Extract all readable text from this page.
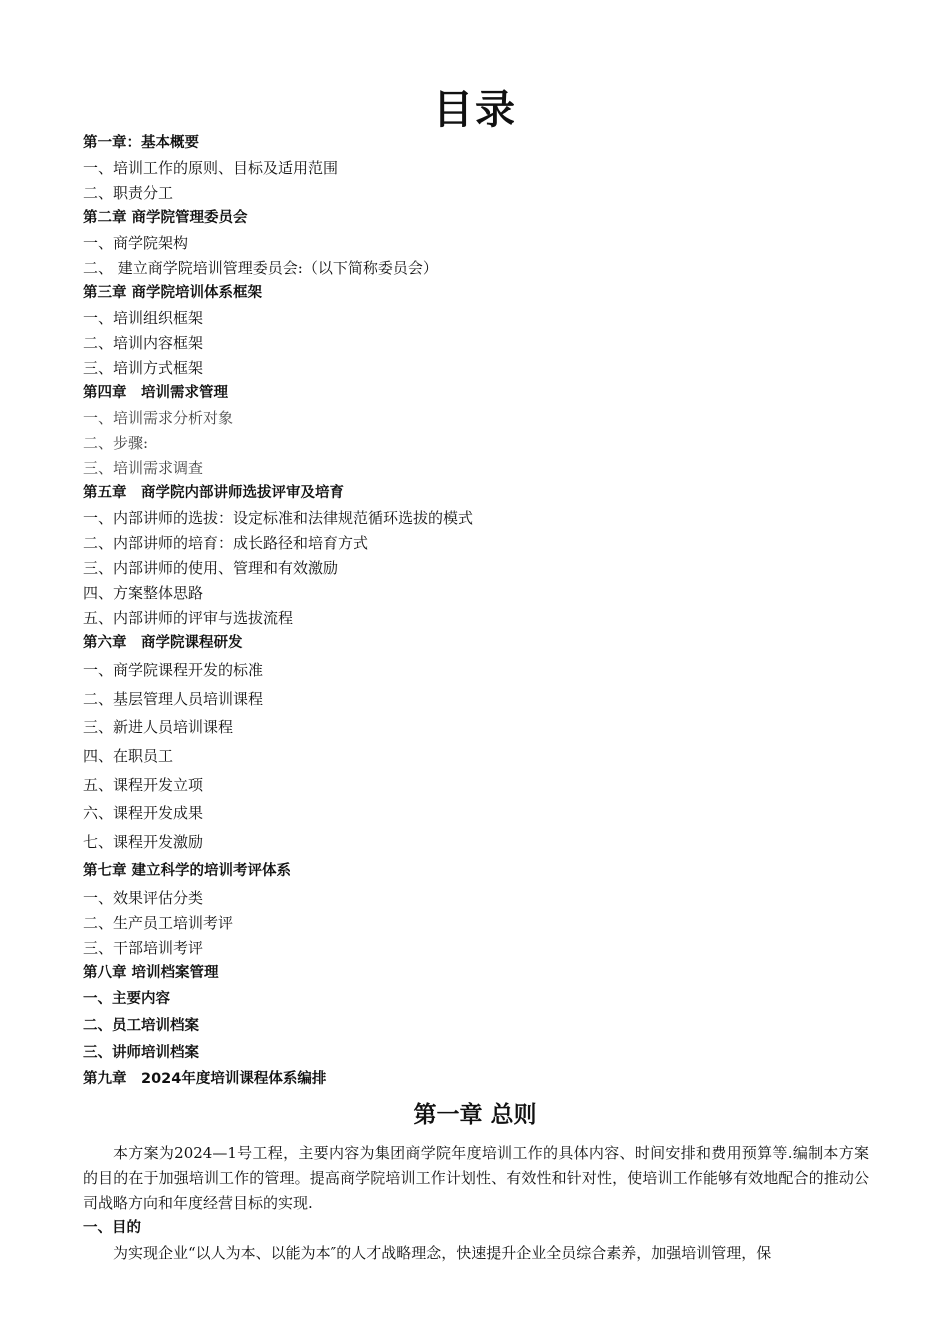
目录
第一章：基本概要
一、培训工作的原则、目标及适用范围
二、职责分工
第二章 商学院管理委员会
一、商学院架构
二、 建立商学院培训管理委员会:（以下简称委员会）
第三章 商学院培训体系框架
一、培训组织框架
二、培训内容框架
三、培训方式框架
第四章　培训需求管理
一、培训需求分析对象
二、步骤:
三、培训需求调查
第五章　商学院内部讲师选拔评审及培育
一、内部讲师的选拔：设定标准和法律规范循环选拔的模式
二、内部讲师的培育：成长路径和培育方式
三、内部讲师的使用、管理和有效激励
四、方案整体思路
五、内部讲师的评审与选拔流程
第六章　商学院课程研发
一、商学院课程开发的标准
二、基层管理人员培训课程
三、新进人员培训课程
四、在职员工
五、课程开发立项
六、课程开发成果
七、课程开发激励
第七章 建立科学的培训考评体系
一、效果评估分类
二、生产员工培训考评
三、干部培训考评
第八章 培训档案管理
一、主要内容
二、员工培训档案
三、讲师培训档案
第九章　2024年度培训课程体系编排
第一章 总则

本方案为2024—1号工程，主要内容为集团商学院年度培训工作的具体内容、时间安排和费用预算等.编制本方案的目的在于加强培训工作的管理。提高商学院培训工作计划性、有效性和针对性，使培训工作能够有效地配合的推动公司战略方向和年度经营目标的实现.

一、目的

为实现企业“以人为本、以能为本″的人才战略理念，快速提升企业全员综合素养，加强培训管理，保
